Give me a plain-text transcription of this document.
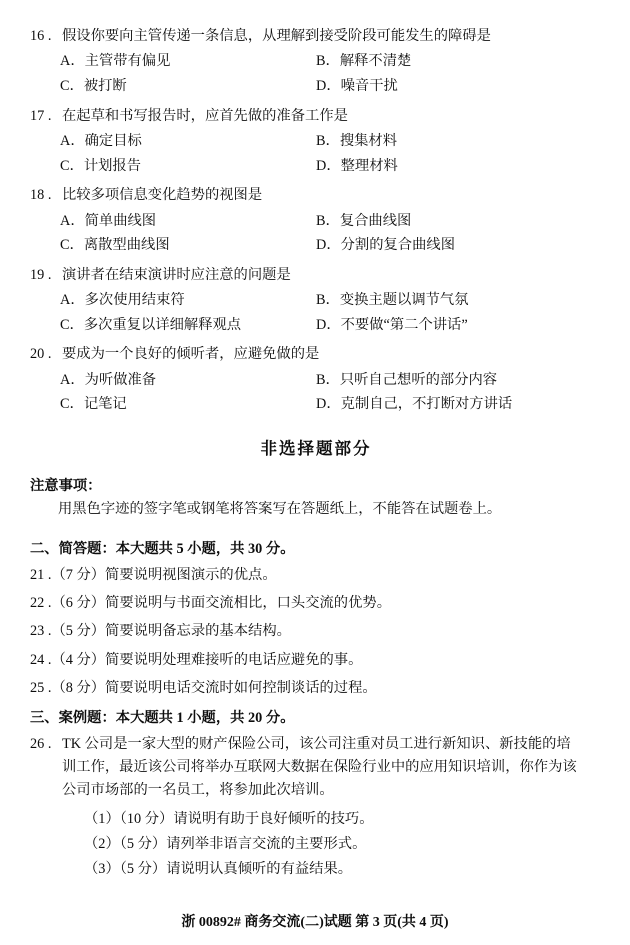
16 . 假设你要向主管传递一条信息，从理解到接受阶段可能发生的障碍是
A．主管带有偏见	B．解释不清楚
C．被打断	D．噪音干扰
17 . 在起草和书写报告时，应首先做的准备工作是
A．确定目标	B．搜集材料
C．计划报告	D．整理材料
18 . 比较多项信息变化趋势的视图是
A．简单曲线图	B．复合曲线图
C．离散型曲线图	D．分割的复合曲线图
19 . 演讲者在结束演讲时应注意的问题是
A．多次使用结束符	B．变换主题以调节气氛
C．多次重复以详细解释观点	D．不要做“第二个讲话”
20 . 要成为一个良好的倾听者，应避免做的是
A．为听做准备	B．只听自己想听的部分内容
C．记笔记	D．克制自己，不打断对方讲话
非选择题部分
注意事项：
用黑色字迹的签字笔或钢笔将答案写在答题纸上，不能答在试题卷上。
二、简答题：本大题共 5 小题，共 30 分。
21 .（7 分）简要说明视图演示的优点。
22 .（6 分）简要说明与书面交流相比，口头交流的优势。
23 .（5 分）简要说明备忘录的基本结构。
24 .（4 分）简要说明处理难接听的电话应避免的事。
25 .（8 分）简要说明电话交流时如何控制谈话的过程。
三、案例题：本大题共 1 小题，共 20 分。
26 . TK 公司是一家大型的财产保险公司，该公司注重对员工进行新知识、新技能的培
训工作，最近该公司将举办互联网大数据在保险行业中的应用知识培训，你作为该
公司市场部的一名员工，将参加此次培训。
（1）（10 分）请说明有助于良好倾听的技巧。
（2）（5 分）请列举非语言交流的主要形式。
（3）（5 分）请说明认真倾听的有益结果。
浙 00892# 商务交流(二)试题 第 3 页(共 4 页)
